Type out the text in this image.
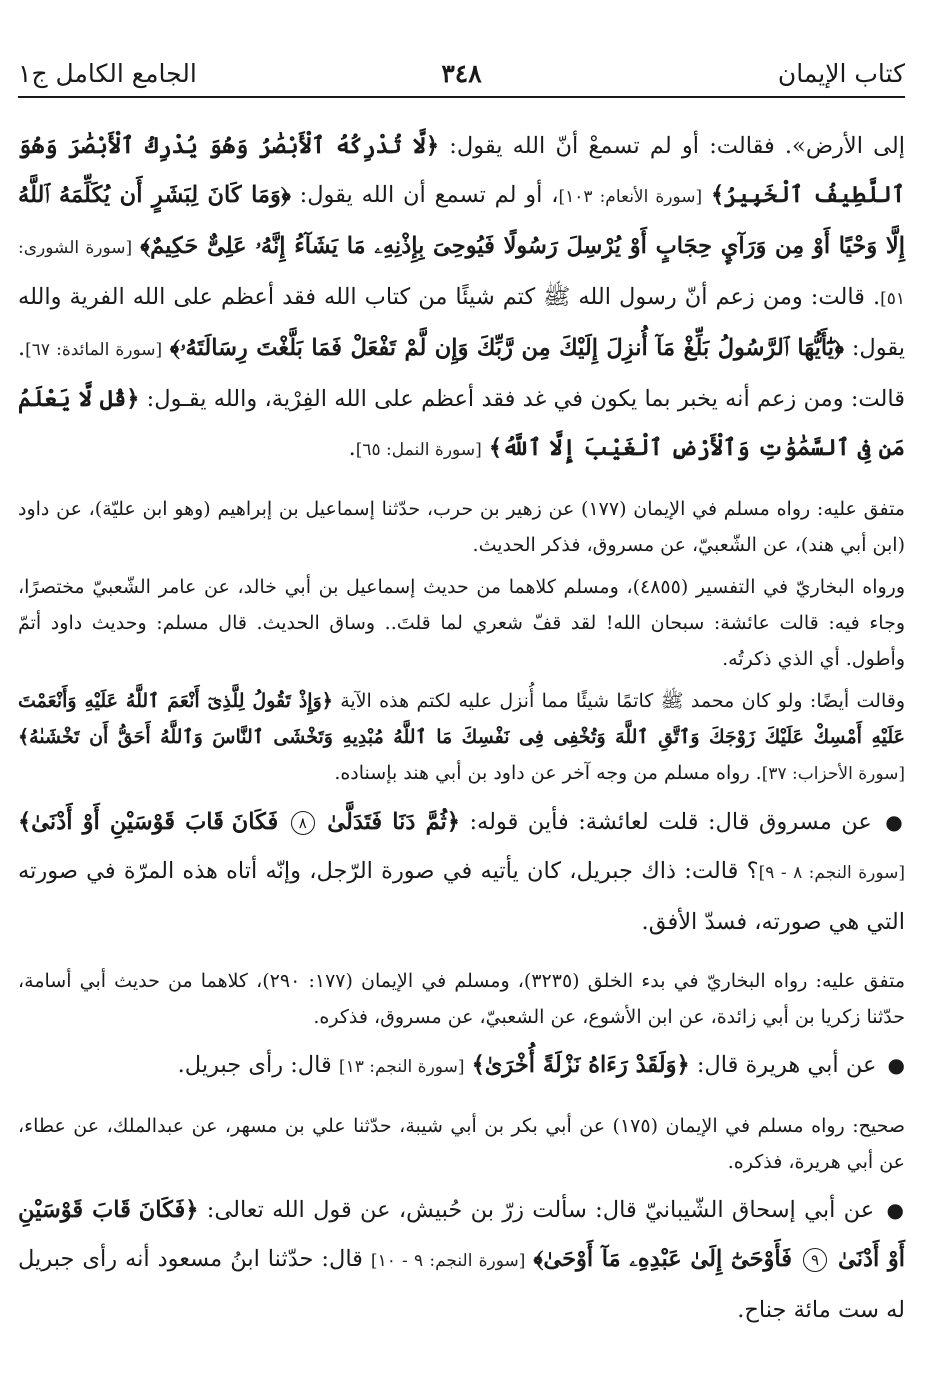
كتاب الإيمان
٣٤٨
الجامع الكامل ج١
إلى الأرض». فقالت: أو لم تسمعْ أنّ الله يقول: ﴿لَّا تُدْرِكُهُ ٱلْأَبْصَٰرُ وَهُوَ يُدْرِكُ ٱلْأَبْصَٰرَ وَهُوَ ٱللَّطِيفُ ٱلْخَبِيرُ﴾ [سورة الأنعام: ١٠٣]، أو لم تسمع أن الله يقول: ﴿وَمَا كَانَ لِبَشَرٍ أَن يُكَلِّمَهُ ٱللَّهُ إِلَّا وَحْيًا أَوْ مِن وَرَآيِٕ حِجَابٍ أَوْ يُرْسِلَ رَسُولًا فَيُوحِىَ بِإِذْنِهِۦ مَا يَشَآءُ إِنَّهُۥ عَلِىٌّ حَكِيمٌ﴾ [سورة الشورى: ٥١]. قالت: ومن زعم أنّ رسول الله ﷺ كتم شيئًا من كتاب الله فقد أعظم على الله الفرية والله يقول: ﴿يَٰٓأَيُّهَا ٱلرَّسُولُ بَلِّغْ مَآ أُنزِلَ إِلَيْكَ مِن رَّبِّكَ وَإِن لَّمْ تَفْعَلْ فَمَا بَلَّغْتَ رِسَالَتَهُۥ﴾ [سورة المائدة: ٦٧]. قالت: ومن زعم أنه يخبر بما يكون في غد فقد أعظم على الله الفِرْية، والله يقـول: ﴿قُل لَّا يَعْلَمُ مَن فِى ٱلسَّمَٰوَٰتِ وَٱلْأَرْضِ ٱلْغَيْبَ إِلَّا ٱللَّهُ﴾ [سورة النمل: ٦٥].
متفق عليه: رواه مسلم في الإيمان (١٧٧) عن زهير بن حرب، حدّثنا إسماعيل بن إبراهيم (وهو ابن عليّة)، عن داود (ابن أبي هند)، عن الشّعبيّ، عن مسروق، فذكر الحديث.
ورواه البخاريّ في التفسير (٤٨٥٥)، ومسلم كلاهما من حديث إسماعيل بن أبي خالد، عن عامر الشّعبيّ مختصرًا، وجاء فيه: قالت عائشة: سبحان الله! لقد قفّ شعري لما قلتَ.. وساق الحديث. قال مسلم: وحديث داود أتمّ وأطول. أي الذي ذكرتُه.
وقالت أيضًا: ولو كان محمد ﷺ كاتمًا شيئًا مما أُنزل عليه لكتم هذه الآية ﴿وَإِذْ تَقُولُ لِلَّذِىٓ أَنْعَمَ ٱللَّهُ عَلَيْهِ وَأَنْعَمْتَ عَلَيْهِ أَمْسِكْ عَلَيْكَ زَوْجَكَ وَٱتَّقِ ٱللَّهَ وَتُخْفِى فِى نَفْسِكَ مَا ٱللَّهُ مُبْدِيهِ وَتَخْشَى ٱلنَّاسَ وَٱللَّهُ أَحَقُّ أَن تَخْشَىٰهُ﴾ [سورة الأحزاب: ٣٧]. رواه مسلم من وجه آخر عن داود بن أبي هند بإسناده.
● عن مسروق قال: قلت لعائشة: فأين قوله: ﴿ثُمَّ دَنَا فَتَدَلَّىٰ ٨ فَكَانَ قَابَ قَوْسَيْنِ أَوْ أَدْنَىٰ﴾ [سورة النجم: ٨ - ٩]؟ قالت: ذاك جبريل، كان يأتيه في صورة الرّجل، وإنّه أتاه هذه المرّة في صورته التي هي صورته، فسدّ الأفق.
متفق عليه: رواه البخاريّ في بدء الخلق (٣٢٣٥)، ومسلم في الإيمان (١٧٧: ٢٩٠)، كلاهما من حديث أبي أسامة، حدّثنا زكريا بن أبي زائدة، عن ابن الأشوع، عن الشعبيّ، عن مسروق، فذكره.
● عن أبي هريرة قال: ﴿وَلَقَدْ رَءَاهُ نَزْلَةً أُخْرَىٰ﴾ [سورة النجم: ١٣] قال: رأى جبريل.
صحيح: رواه مسلم في الإيمان (١٧٥) عن أبي بكر بن أبي شيبة، حدّثنا علي بن مسهر، عن عبدالملك، عن عطاء، عن أبي هريرة، فذكره.
● عن أبي إسحاق الشّيبانيّ قال: سألت زرّ بن حُبيش، عن قول الله تعالى: ﴿فَكَانَ قَابَ قَوْسَيْنِ أَوْ أَدْنَىٰ ٩ فَأَوْحَىٰٓ إِلَىٰ عَبْدِهِۦ مَآ أَوْحَىٰ﴾ [سورة النجم: ٩ - ١٠] قال: حدّثنا ابنُ مسعود أنه رأى جبريل له ست مائة جناح.
